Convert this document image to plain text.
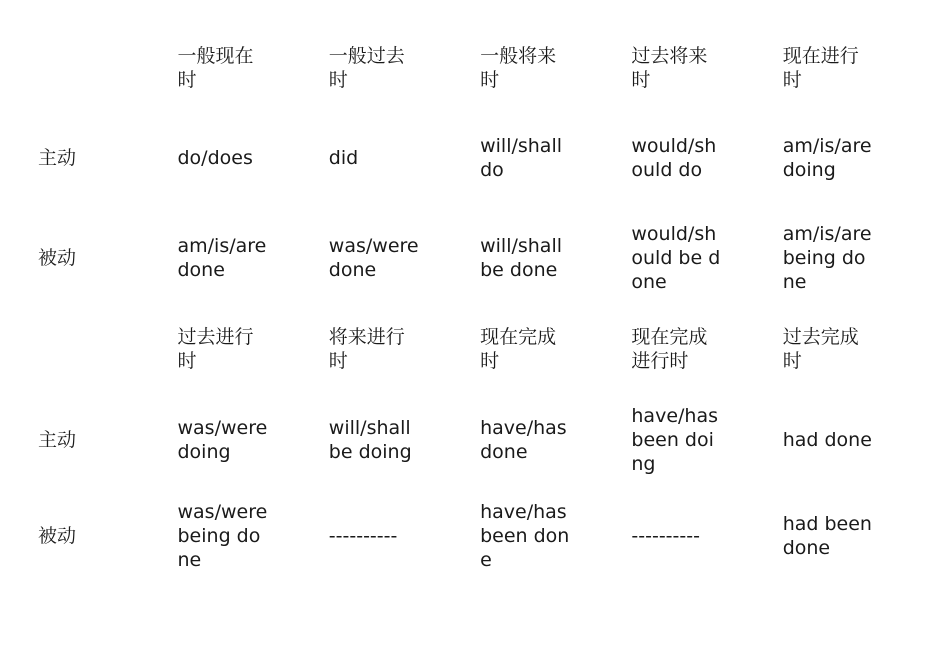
	一般现在时	一般过去时	一般将来时	过去将来时	现在进行时

主动	do/does	did	will/shall do	would/should do	am/is/are doing

被动	am/is/are done	was/were done	will/shall be done	would/should be done	am/is/are being done

	过去进行时	将来进行时	现在完成时	现在完成进行时	过去完成时

主动	was/were doing	will/shall be doing	have/has done	have/has been doing	had done

被动	was/were being done	----------	have/has been done	----------	had been done
